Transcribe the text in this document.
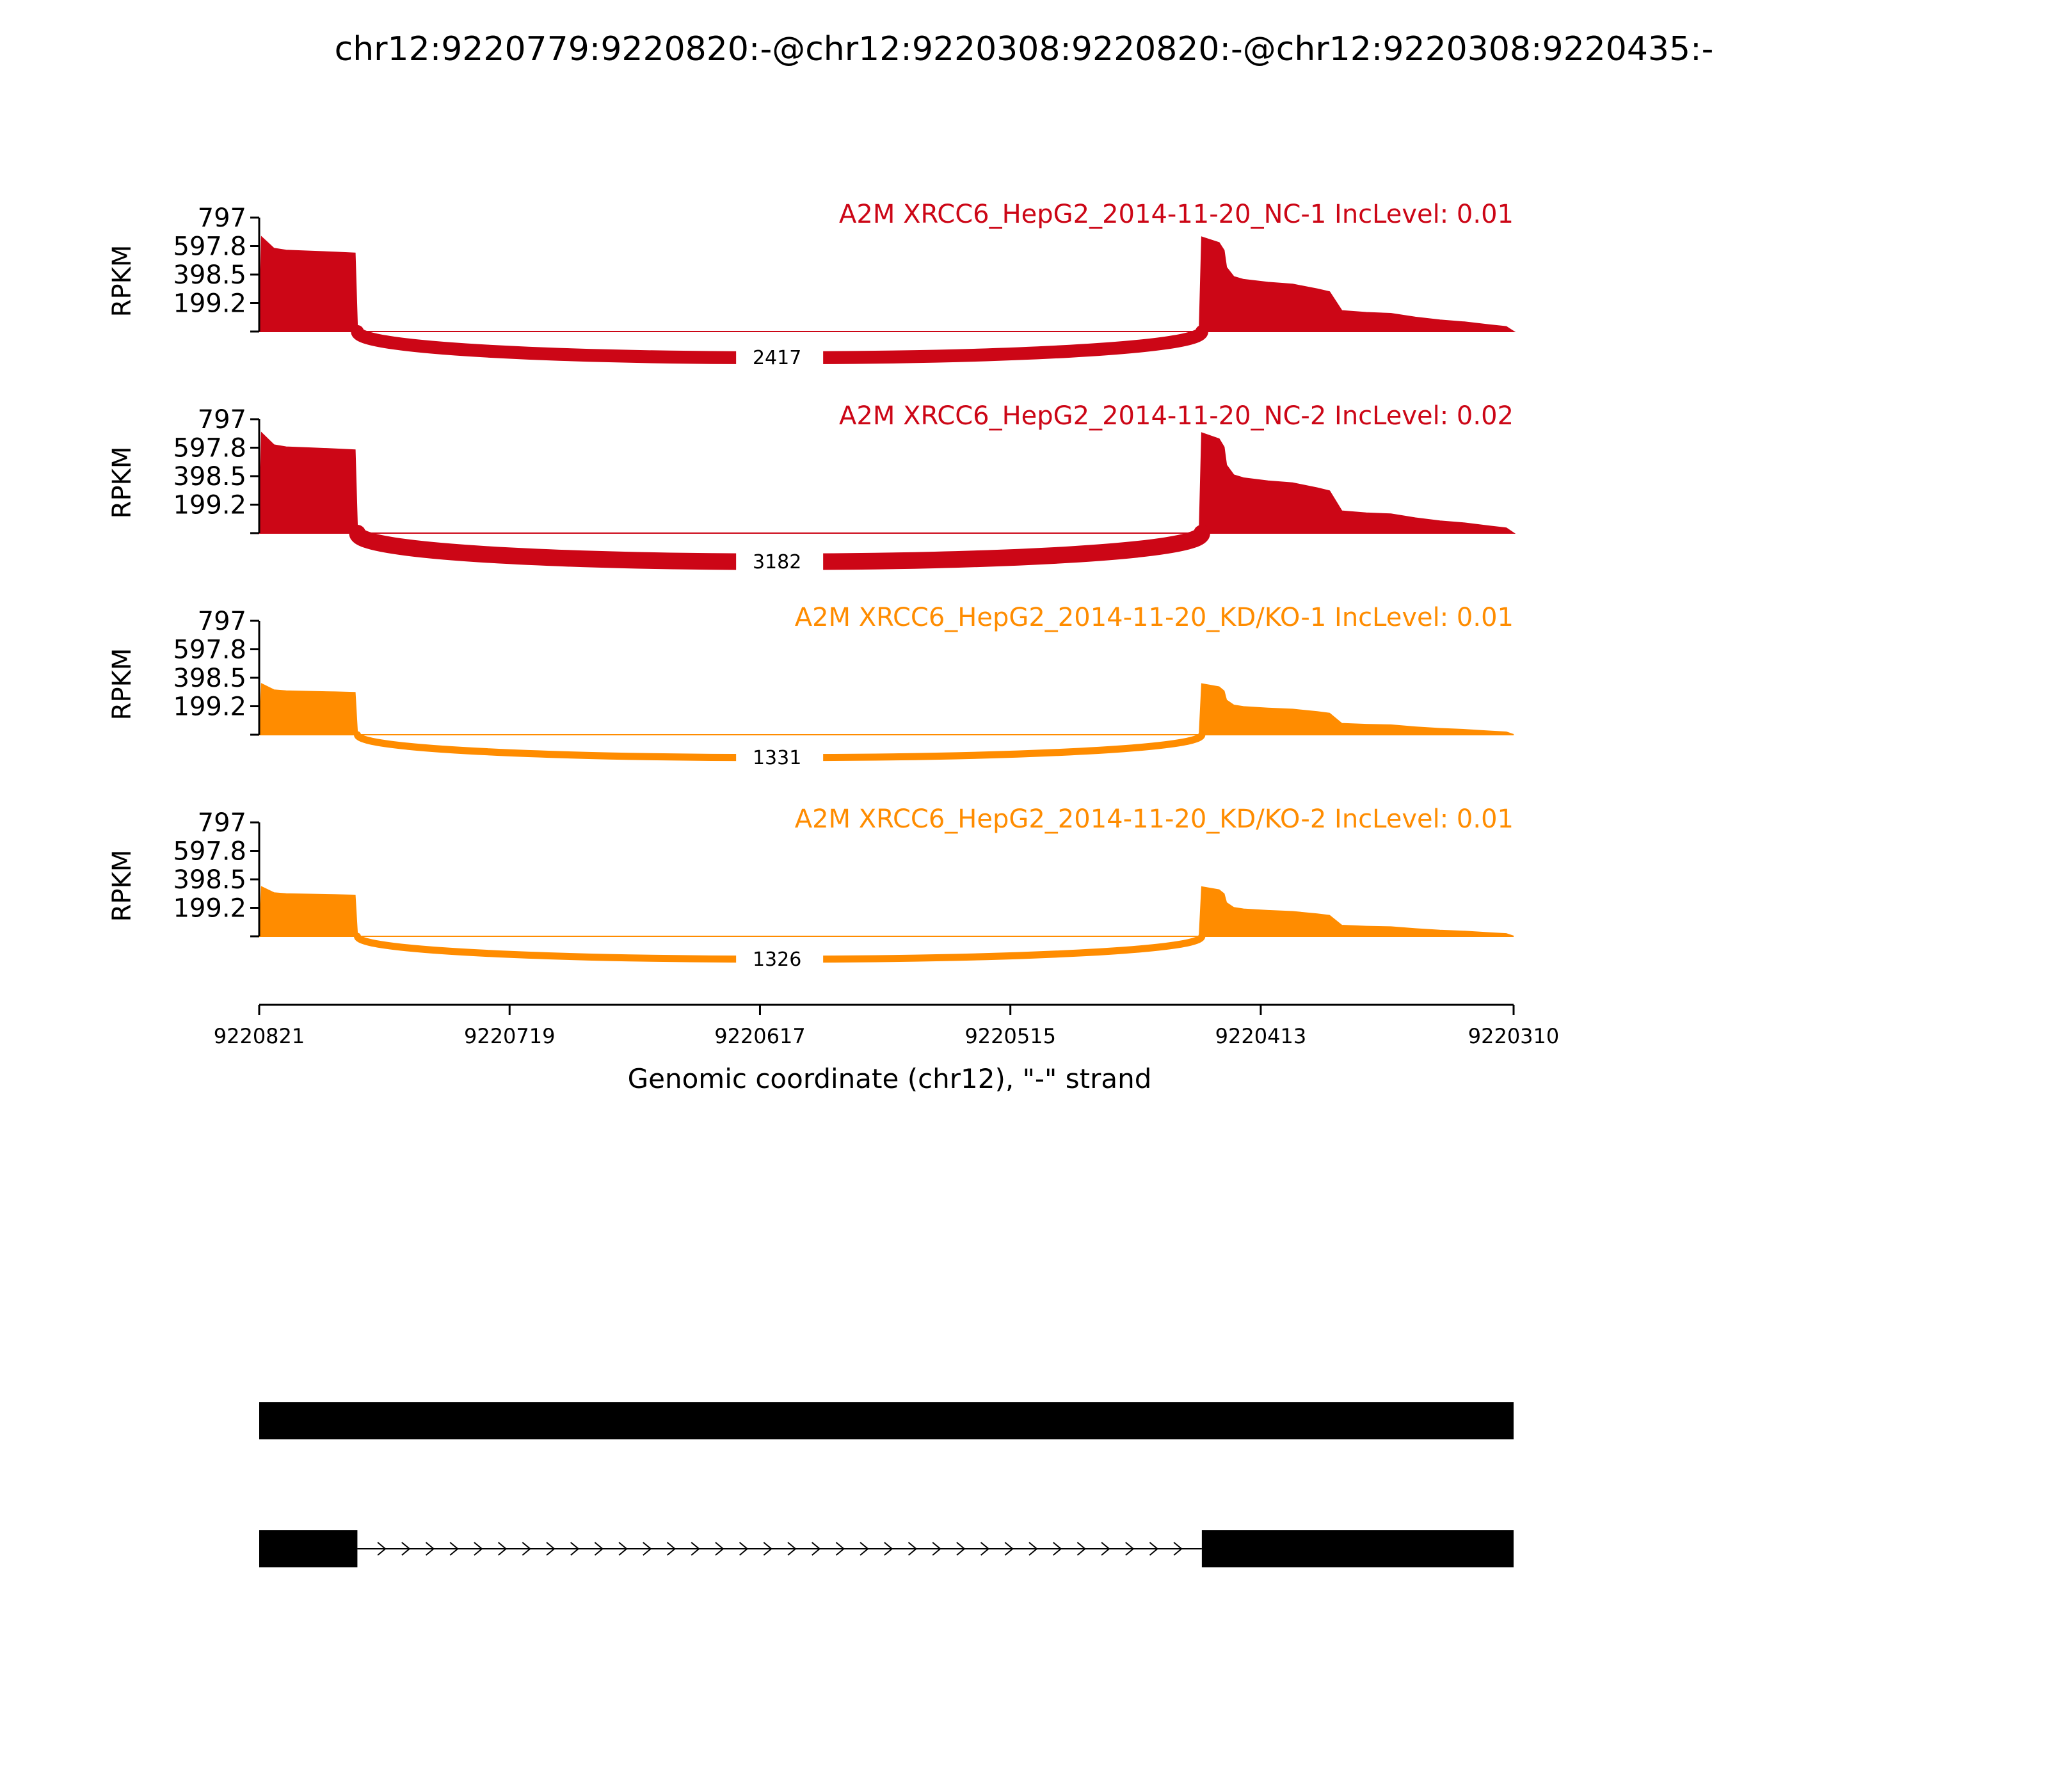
chr12:9220779:9220820:-@chr12:9220308:9220820:-@chr12:9220308:9220435:-
2417
797
597.8
398.5
199.2
RPKM
A2M XRCC6_HepG2_2014-11-20_NC-1 IncLevel: 0.01
3182
797
597.8
398.5
199.2
RPKM
A2M XRCC6_HepG2_2014-11-20_NC-2 IncLevel: 0.02
1331
797
597.8
398.5
199.2
RPKM
A2M XRCC6_HepG2_2014-11-20_KD/KO-1 IncLevel: 0.01
1326
797
597.8
398.5
199.2
RPKM
A2M XRCC6_HepG2_2014-11-20_KD/KO-2 IncLevel: 0.01
9220821	9220719	9220617	9220515	9220413	9220310
Genomic coordinate (chr12), "-" strand
